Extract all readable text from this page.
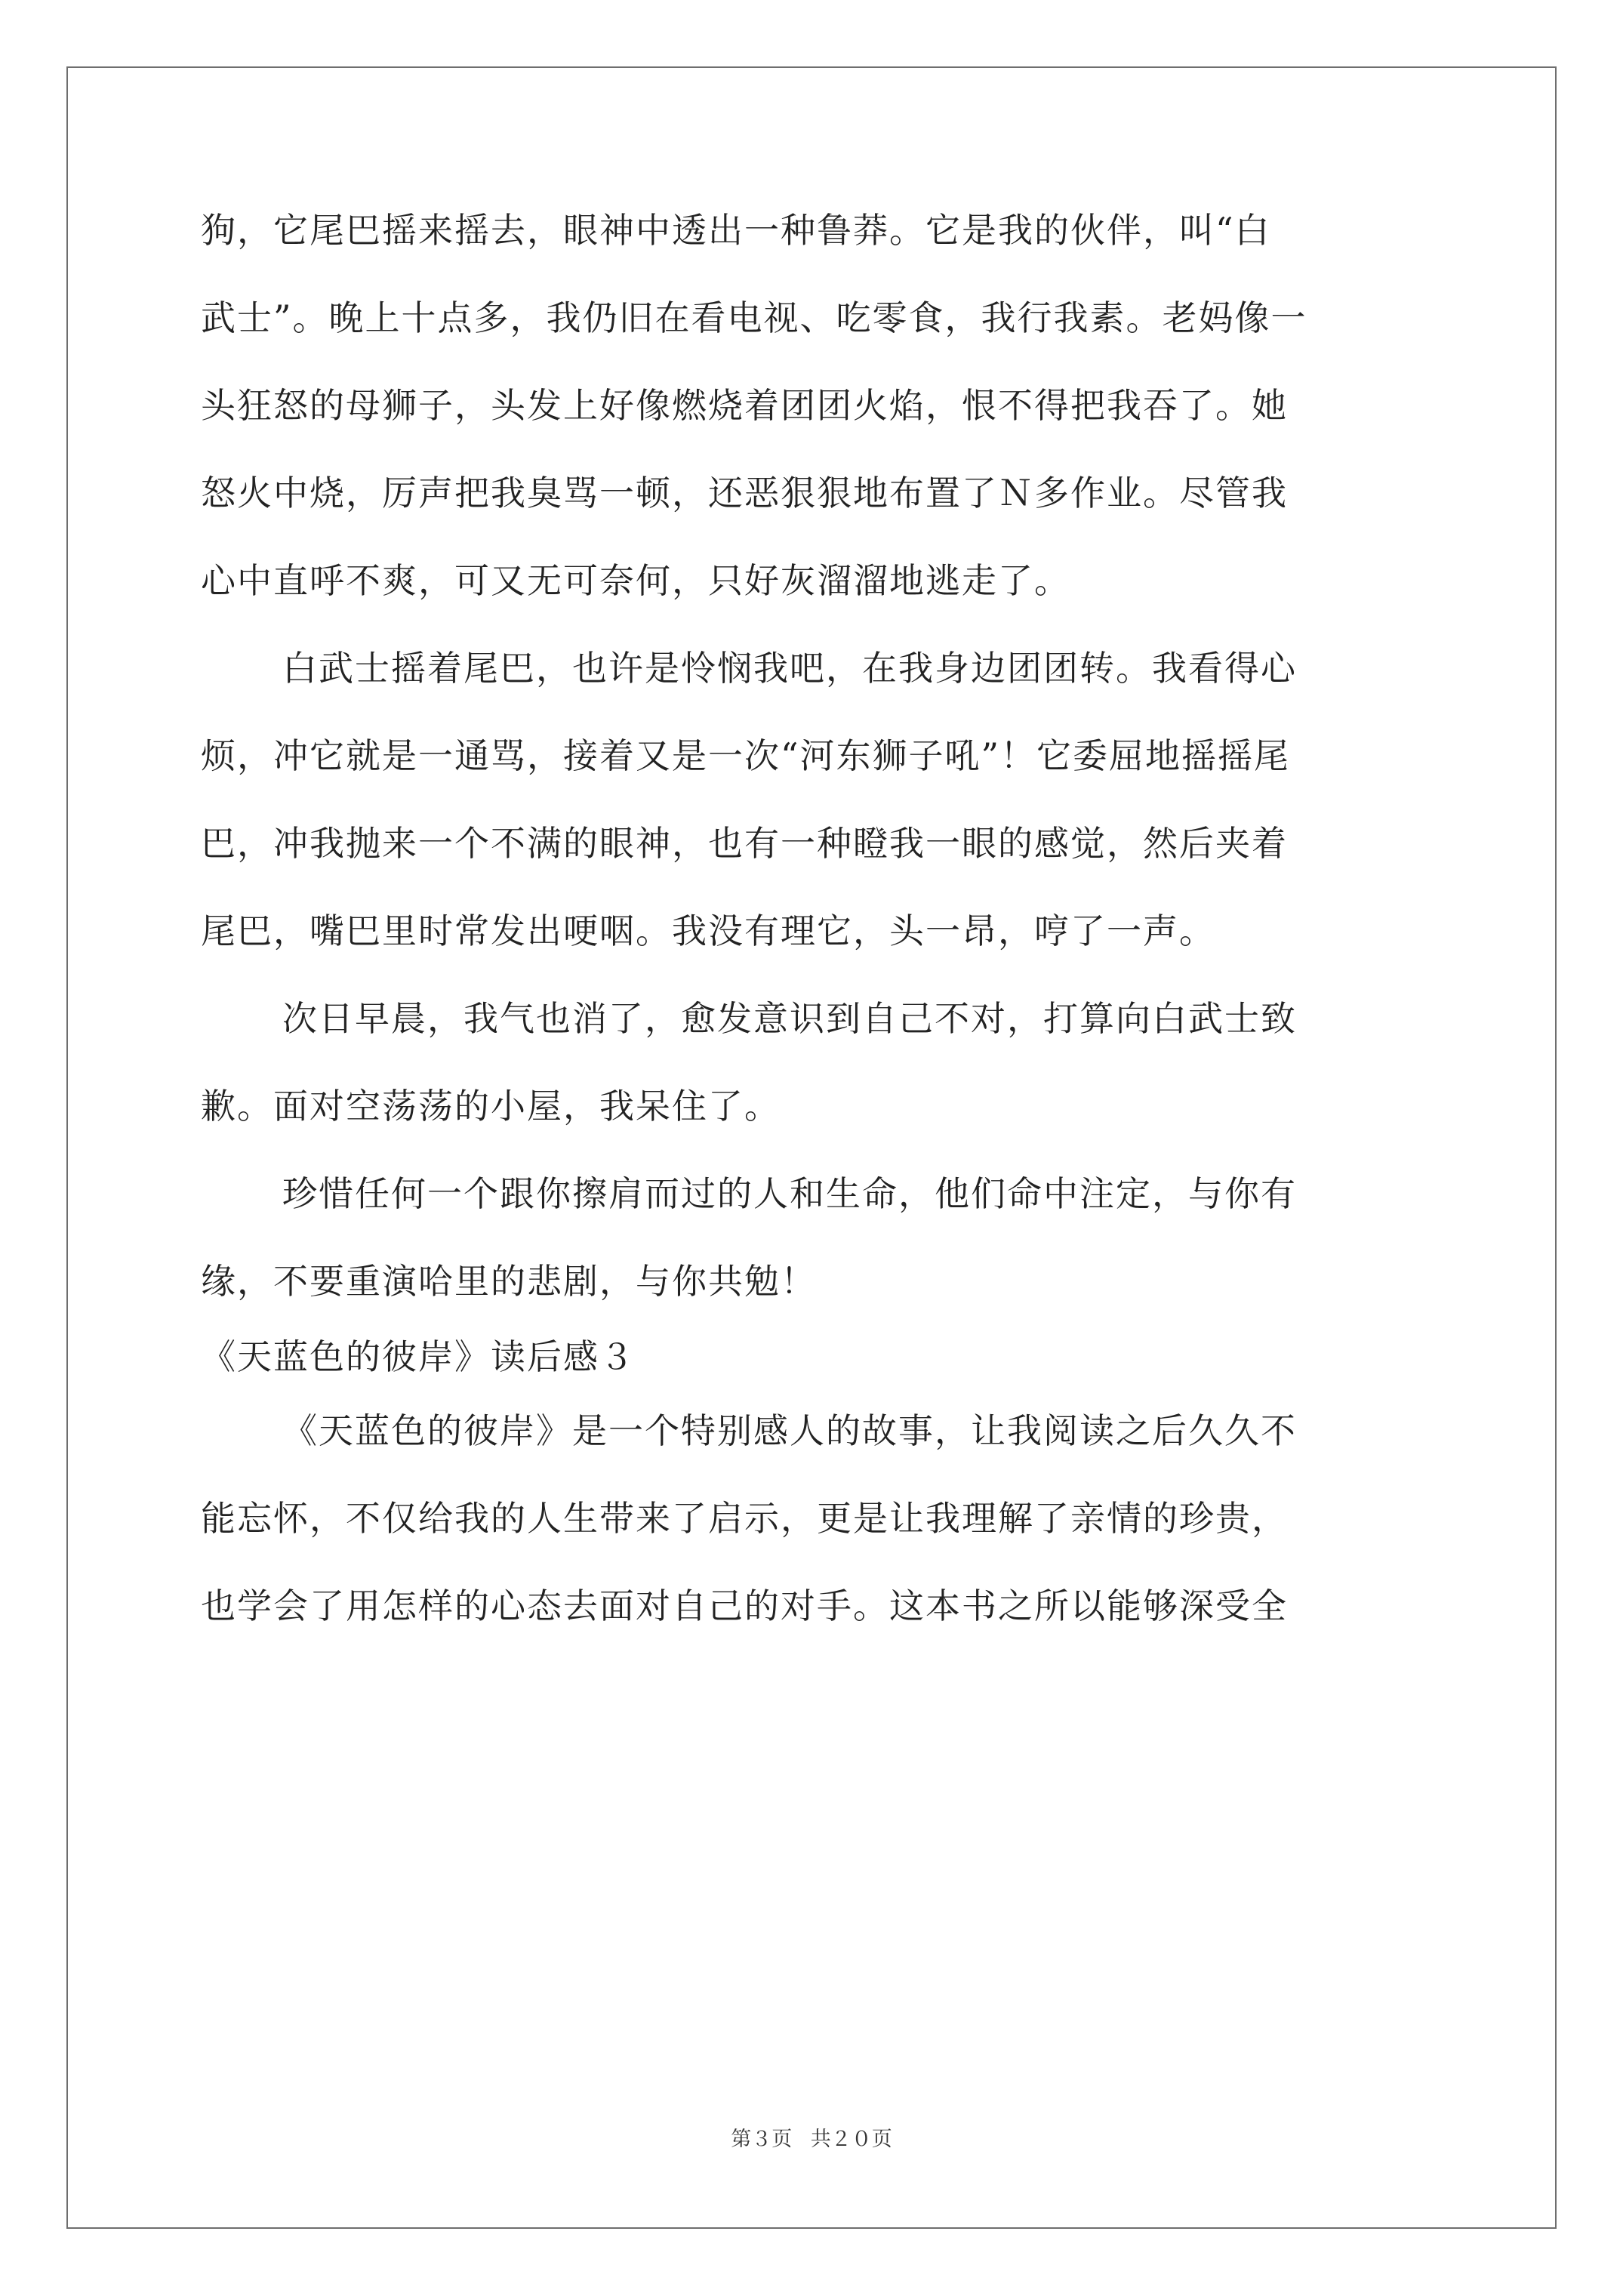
狗，它尾巴摇来摇去，眼神中透出一种鲁莽。它是我的伙伴，叫“白
武士”。晚上十点多，我仍旧在看电视、吃零食，我行我素。老妈像一
头狂怒的母狮子，头发上好像燃烧着团团火焰，恨不得把我吞了。她
怒火中烧，厉声把我臭骂一顿，还恶狠狠地布置了Ｎ多作业。尽管我
心中直呼不爽，可又无可奈何，只好灰溜溜地逃走了。
白武士摇着尾巴，也许是怜悯我吧，在我身边团团转。我看得心
烦，冲它就是一通骂，接着又是一次“河东狮子吼”！它委屈地摇摇尾
巴，冲我抛来一个不满的眼神，也有一种瞪我一眼的感觉，然后夹着
尾巴，嘴巴里时常发出哽咽。我没有理它，头一昂，哼了一声。
次日早晨，我气也消了，愈发意识到自己不对，打算向白武士致
歉。面对空荡荡的小屋，我呆住了。
珍惜任何一个跟你擦肩而过的人和生命，他们命中注定，与你有
缘，不要重演哈里的悲剧，与你共勉！
《天蓝色的彼岸》读后感３
《天蓝色的彼岸》是一个特别感人的故事，让我阅读之后久久不
能忘怀，不仅给我的人生带来了启示，更是让我理解了亲情的珍贵，
也学会了用怎样的心态去面对自己的对手。这本书之所以能够深受全
第３页 共２０页
